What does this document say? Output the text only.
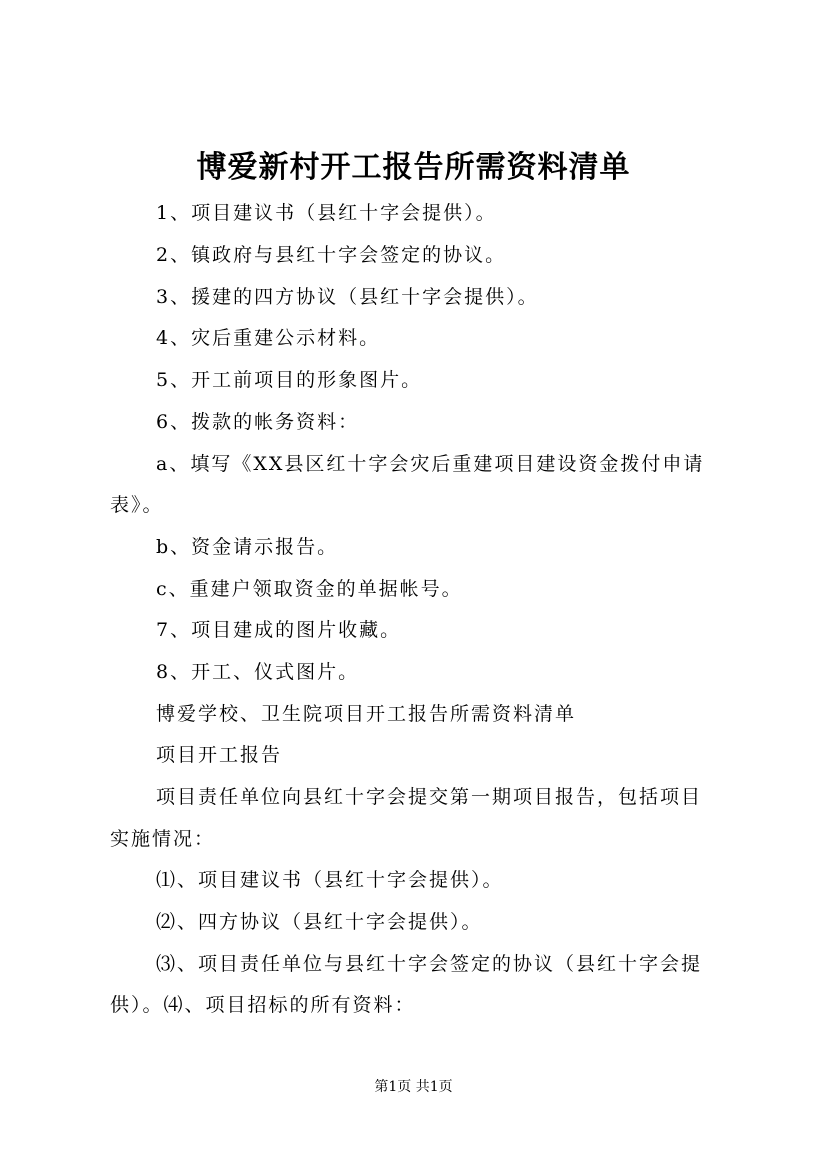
博爱新村开工报告所需资料清单
1、项目建议书（县红十字会提供）。
2、镇政府与县红十字会签定的协议。
3、援建的四方协议（县红十字会提供）。
4、灾后重建公示材料。
5、开工前项目的形象图片。
6、拨款的帐务资料：
a、填写《XX县区红十字会灾后重建项目建设资金拨付申请
表》。
b、资金请示报告。
c、重建户领取资金的单据帐号。
7、项目建成的图片收藏。
8、开工、仪式图片。
博爱学校、卫生院项目开工报告所需资料清单
项目开工报告
项目责任单位向县红十字会提交第一期项目报告，包括项目
实施情况：
⑴、项目建议书（县红十字会提供）。
⑵、四方协议（县红十字会提供）。
⑶、项目责任单位与县红十字会签定的协议（县红十字会提
供）。⑷、项目招标的所有资料：
第1页 共1页
